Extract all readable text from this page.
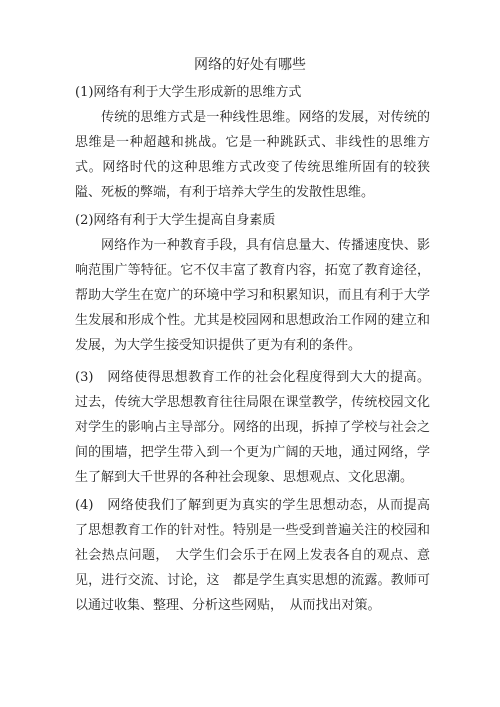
网络的好处有哪些
(1)网络有利于大学生形成新的思维方式
传统的思维方式是一种线性思维。网络的发展，对传统的思维是一种超越和挑战。它是一种跳跃式、非线性的思维方式。网络时代的这种思维方式改变了传统思维所固有的较狭隘、死板的弊端，有利于培养大学生的发散性思维。
(2)网络有利于大学生提高自身素质
网络作为一种教育手段，具有信息量大、传播速度快、影响范围广等特征。它不仅丰富了教育内容，拓宽了教育途径，帮助大学生在宽广的环境中学习和积累知识，而且有利于大学生发展和形成个性。尤其是校园网和思想政治工作网的建立和发展，为大学生接受知识提供了更为有利的条件。
(3)　网络使得思想教育工作的社会化程度得到大大的提高。过去，传统大学思想教育往往局限在课堂教学，传统校园文化对学生的影响占主导部分。网络的出现，拆掉了学校与社会之间的围墙，把学生带入到一个更为广阔的天地，通过网络，学生了解到大千世界的各种社会现象、思想观点、文化思潮。
(4)　网络使我们了解到更为真实的学生思想动态，从而提高了思想教育工作的针对性。特别是一些受到普遍关注的校园和社会热点问题，　大学生们会乐于在网上发表各自的观点、意见，进行交流、讨论，这　都是学生真实思想的流露。教师可以通过收集、整理、分析这些网贴，　从而找出对策。
